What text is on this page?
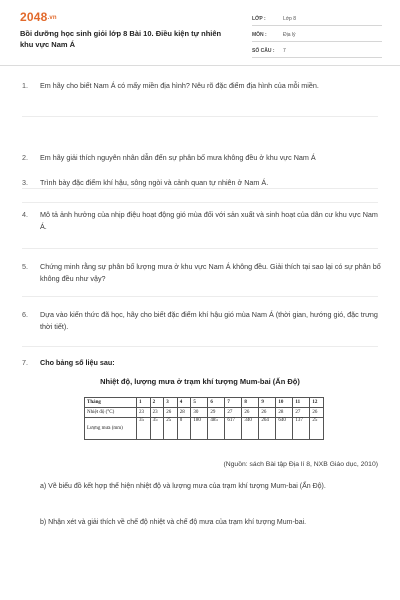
2048.vn
Bồi dưỡng học sinh giỏi lớp 8 Bài 10. Điều kiện tự nhiên khu vực Nam Á
LỚP :	Lớp 8
MÔN :	Địa lý
SỐ CÂU :	7
1.	Em hãy cho biết Nam Á có mấy miền địa hình? Nêu rõ đặc điểm địa hình của mỗi miền.
2.	Em hãy giải thích nguyên nhân dẫn đến sự phân bố mưa không đều ở khu vực Nam Á
3.	Trình bày đặc điểm khí hậu, sông ngòi và cảnh quan tự nhiên ở Nam Á.
4.	Mô tả ảnh hưởng của nhịp điệu hoạt động gió mùa đối với sản xuất và sinh hoạt của dân cư khu vực Nam Á.
5.	Chứng minh rằng sự phân bố lượng mưa ở khu vực Nam Á không đều. Giải thích tại sao lại có sự phân bố không đều như vậy?
6.	Dựa vào kiến thức đã học, hãy cho biết đặc điểm khí hậu gió mùa Nam Á (thời gian, hướng gió, đặc trưng thời tiết).
7.	Cho bảng số liệu sau:
Nhiệt độ, lượng mưa ở trạm khí tượng Mum-bai (Ấn Độ)
Tháng	1	2	3	4	5	6	7	8	9	10	11	12
Nhiệt độ (°C)	23	23	26	28	30	29	27	26	26	28	27	26
Lượng mưa (mm)	35	35	25	0	180	485	617	340	264	640	137	25
(Nguồn: sách Bài tập Địa lí 8, NXB Giáo dục, 2010)
a) Vẽ biểu đồ kết hợp thể hiện nhiệt độ và lượng mưa của trạm khí tượng Mum-bai (Ấn Độ).
b) Nhận xét và giải thích về chế độ nhiệt và chế độ mưa của trạm khí tượng Mum-bai.
